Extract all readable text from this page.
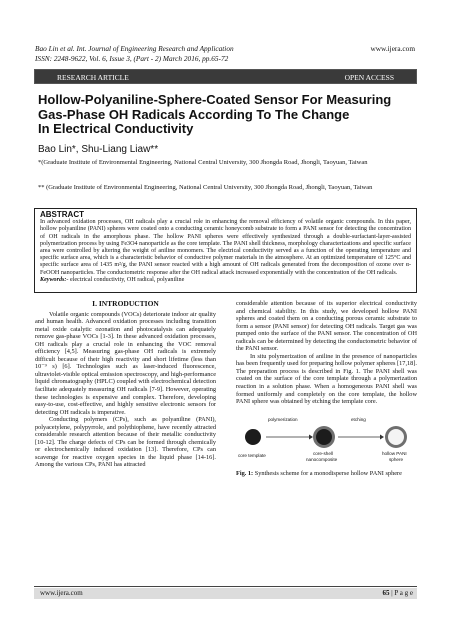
Bao Lin et al. Int. Journal of Engineering Research and Application
ISSN: 2248-9622, Vol. 6, Issue 3, (Part - 2) March 2016, pp.65-72
www.ijera.com
RESEARCH ARTICLE	OPEN ACCESS
Hollow-Polyaniline-Sphere-Coated Sensor For Measuring
Gas-Phase OH Radicals According To The Change
In Electrical Conductivity
Bao Lin*, Shu-Liang Liaw**
*(Graduate Institute of Environmental Engineering, National Central University, 300 Jhongda Road, Jhongli, Taoyuan, Taiwan
** (Graduate Institute of Environmental Engineering, National Central University, 300 Jhongda Road, Jhongli, Taoyuan, Taiwan
ABSTRACT
In advanced oxidation processes, OH radicals play a crucial role in enhancing the removal efficiency of volatile organic compounds. In this paper, hollow polyaniline (PANI) spheres were coated onto a conducting ceramic honeycomb substrate to form a PANI sensor for detecting the concentration of OH radicals in the amorphous phase. The hollow PANI spheres were effectively synthesized through a double-surfactant-layer-assisted polymerization process by using Fe3O4 nanoparticle as the core template. The PANI shell thickness, morphology characterizations and specific surface area were controlled by altering the weight of aniline monomers. The electrical conductivity served as a function of the operating temperature and specific surface area, which is a characteristic behavior of conductive polymer materials in the atmosphere. At an optimized temperature of 125°C and specific surface area of 1435 m²/g, the PANI sensor reacted with a high amount of OH radicals generated from the decomposition of ozone over α-FeOOH nanoparticles. The conductometric response after the OH radical attack increased exponentially with the concentration of the OH radicals.
Keywords:- electrical conductivity, OH radical, polyaniline
I. INTRODUCTION

Volatile organic compounds (VOCs) deteriorate indoor air quality and human health. Advanced oxidation processes including transition metal oxide catalytic ozonation and photocatalysis can adequately remove gas-phase VOCs [1-3]. In these advanced oxidation processes, OH radicals play a crucial role in enhancing the VOC removal efficiency [4,5]. Measuring gas-phase OH radicals is extremely difficult because of their high reactivity and short lifetime (less than 10⁻⁹ s) [6]. Technologies such as laser-induced fluorescence, ultraviolet-visible optical emission spectroscopy, and high-performance liquid chromatography (HPLC) coupled with electrochemical detection facilitate adequately measuring OH radicals [7-9]. However, operating these technologies is expensive and complex. Therefore, developing easy-to-use, cost-effective, and highly sensitive electronic sensors for detecting OH radicals is imperative.

Conducting polymers (CPs), such as polyaniline (PANI), polyacetylene, polypyrrole, and polythiophene, have recently attracted considerable research attention because of their metallic conductivity [10-12]. The charge defects of CPs can be formed through chemically or electrochemically induced oxidation [13]. Therefore, CPs can scavenge for reactive oxygen species in the liquid phase [14-16]. Among the various CPs, PANI has attracted

considerable attention because of its superior electrical conductivity and chemical stability. In this study, we developed hollow PANI spheres and coated them on a conducting porous ceramic substrate to form a sensor (PANI sensor) for detecting OH radicals. Target gas was pumped onto the surface of the PANI sensor. The concentration of OH radicals can be determined by detecting the conductometric behavior of the PANI sensor.

In situ polymerization of aniline in the presence of nanoparticles has been frequently used for preparing hollow polymer spheres [17,18]. The preparation process is described in Fig. 1. The PANI shell was coated on the surface of the core template through a polymerization reaction in a solution phase. When a homogeneous PANI shell was formed uniformly and completely on the core template, the hollow PANI sphere was obtained by etching the template core.

polymerization	etching
core template	core-shell
nanocomposite
hollow PANI
sphere
Fig. 1: Synthesis scheme for a monodisperse hollow PANI sphere
www.ijera.com	65 | P a g e
